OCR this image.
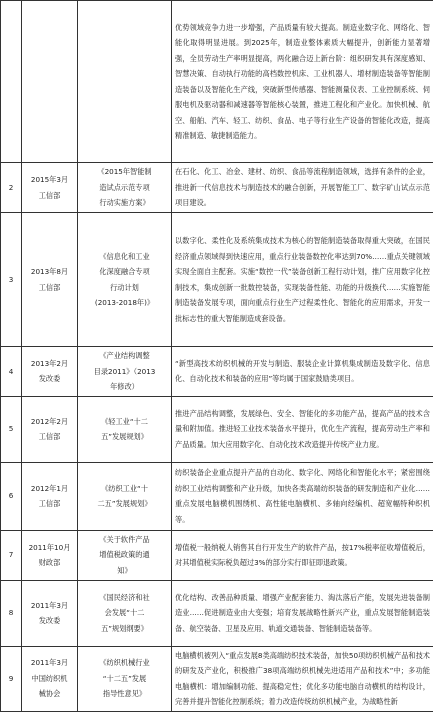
			优势领域竞争力进一步增强，产品质量有较大提高。制造业数字化、网络化、智能化取得明显进展。到2025年，制造业整体素质大幅提升，创新能力显著增强，全员劳动生产率明显提高，两化融合迈上新台阶：组织研发具有深度感知、智慧决策、自动执行功能的高档数控机床、工业机器人、增材制造装备等智能制造装备以及智能化生产线，突破新型传感器、智能测量仪表、工业控制系统、伺服电机及驱动器和减速器等智能核心装置，推进工程化和产业化。加快机械、航空、船舶、汽车、轻工、纺织、食品、电子等行业生产设备的智能化改造，提高精准制造、敏捷制造能力。
2	2015年3月
工信部	《2015年智能制
造试点示范专项
行动实施方案》	在石化、化工、冶金、建材、纺织、食品等流程制造领域，选择有条件的企业，推进新一代信息技术与制造技术的融合创新，开展智能工厂、数字矿山试点示范项目建设。
3	2013年8月
工信部	《信息化和工业
化深度融合专项
行动计划
(2013-2018年)》	以数字化、柔性化及系统集成技术为核心的智能制造装备取得重大突破，在国民经济重点领域得到快速应用，重点行业装备数控化率达到70%……重点关键领域实现全面自主配套。实施“数控一代”装备创新工程行动计划，推广应用数字化控制技术，集成创新一批数控装备，实现装备性能、功能的升级换代……实施智能制造装备发展专项，面向重点行业生产过程柔性化、智能化的应用需求，开发一批标志性的重大智能制造成套设备。
4	2013年2月
发改委	《产业结构调整
目录2011》（2013
年修改）	“新型高技术纺织机械的开发与制造、服装企业计算机集成制造及数字化、信息化、自动化技术和装备的应用”等均属于国家鼓励类项目。
5	2012年2月
工信部	《轻工业“十二
五”发展规划》	推进产品结构调整，发展绿色、安全、智能化的多功能产品，提高产品的技术含量和附加值。推进轻工业技术装备水平提升，优化生产流程，提高劳动生产率和产品质量。加大应用数字化、自动化技术改造提升传统产业力度。
6	2012年1月
工信部	《纺织工业“十
二五”发展规划》	纺织装备企业重点提升产品的自动化、数字化、网络化和智能化水平；紧密围绕纺织工业结构调整和产业升级，加快各类高端纺织装备的研发制造和产业化……重点发展电脑横机围绣机、高性能电脑横机、多轴向经编机、超宽幅特种织机等。
7	2011年10月
财政部	《关于软件产品
增值税政策的通
知》	增值税一般纳税人销售其自行开发生产的软件产品，按17%税率征收增值税后，对其增值税实际税负超过3%的部分实行即征即退政策。
8	2011年3月
发改委	《国民经济和社
会发展“十二
五”规划纲要》	优化结构、改善品种质量、增强产业配套能力、淘汰落后产能，发展先进装备制造业……促进制造业由大变强；培育发展战略性新兴产业，重点发展智能制造装备、航空装备、卫星及应用、轨道交通装备、智能制造装备等。
9	2011年3月
中国纺织机
械协会	《纺织机械行业
“十二五”发展
指导性意见》	电脑横机被列入“重点发展8类高端纺织技术装备，加快50项纺织机械产品和技术的研发及产业化，积极推广38项高端纺织机械先进适用产品和技术”中；多功能电脑横机：增加编制功能、提高稳定性；优化多功能电脑自动横机的结构设计，完善并提升智能化控制系统；着力改造传统纺织机械产业，为战略性新
